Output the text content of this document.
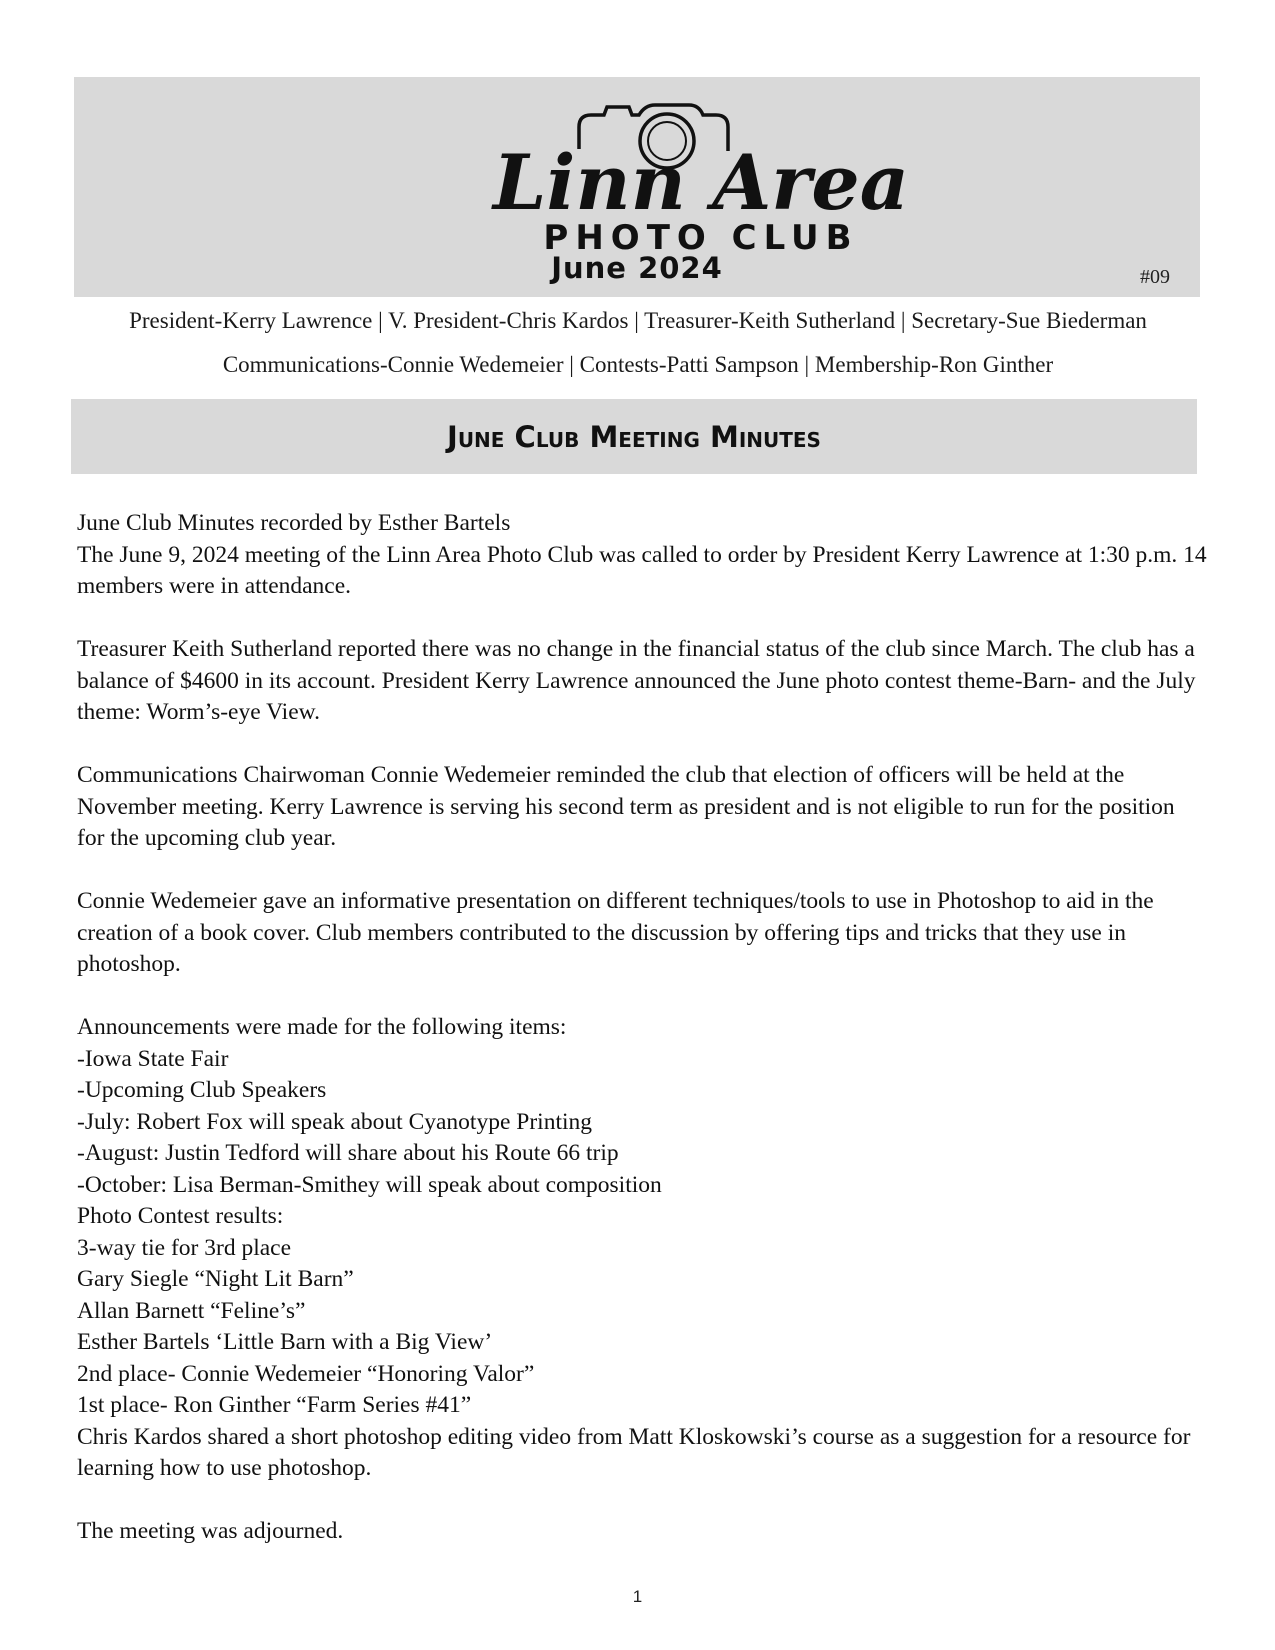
Linn Area
PHOTO CLUB
June 2024	#09
President-Kerry Lawrence | V. President-Chris Kardos | Treasurer-Keith Sutherland | Secretary-Sue Biederman
Communications-Connie Wedemeier | Contests-Patti Sampson | Membership-Ron Ginther
June Club Meeting Minutes

June Club Minutes recorded by Esther Bartels

The June 9, 2024 meeting of the Linn Area Photo Club was called to order by President Kerry Lawrence at 1:30 p.m. 14 members were in attendance.

Treasurer Keith Sutherland reported there was no change in the financial status of the club since March. The club has a balance of $4600 in its account. President Kerry Lawrence announced the June photo contest theme-Barn- and the July theme: Worm’s-eye View.

Communications Chairwoman Connie Wedemeier reminded the club that election of officers will be held at the November meeting. Kerry Lawrence is serving his second term as president and is not eligible to run for the position for the upcoming club year.

Connie Wedemeier gave an informative presentation on different techniques/tools to use in Photoshop to aid in the creation of a book cover. Club members contributed to the discussion by offering tips and tricks that they use in photoshop.

Announcements were made for the following items:
-Iowa State Fair
-Upcoming Club Speakers
-July: Robert Fox will speak about Cyanotype Printing
-August: Justin Tedford will share about his Route 66 trip
-October: Lisa Berman-Smithey will speak about composition
Photo Contest results:
3-way tie for 3rd place
Gary Siegle “Night Lit Barn”
Allan Barnett “Feline’s”
Esther Bartels ‘Little Barn with a Big View’
2nd place- Connie Wedemeier “Honoring Valor”
1st place- Ron Ginther “Farm Series #41”

Chris Kardos shared a short photoshop editing video from Matt Kloskowski’s course as a suggestion for a resource for learning how to use photoshop.

The meeting was adjourned.

1
